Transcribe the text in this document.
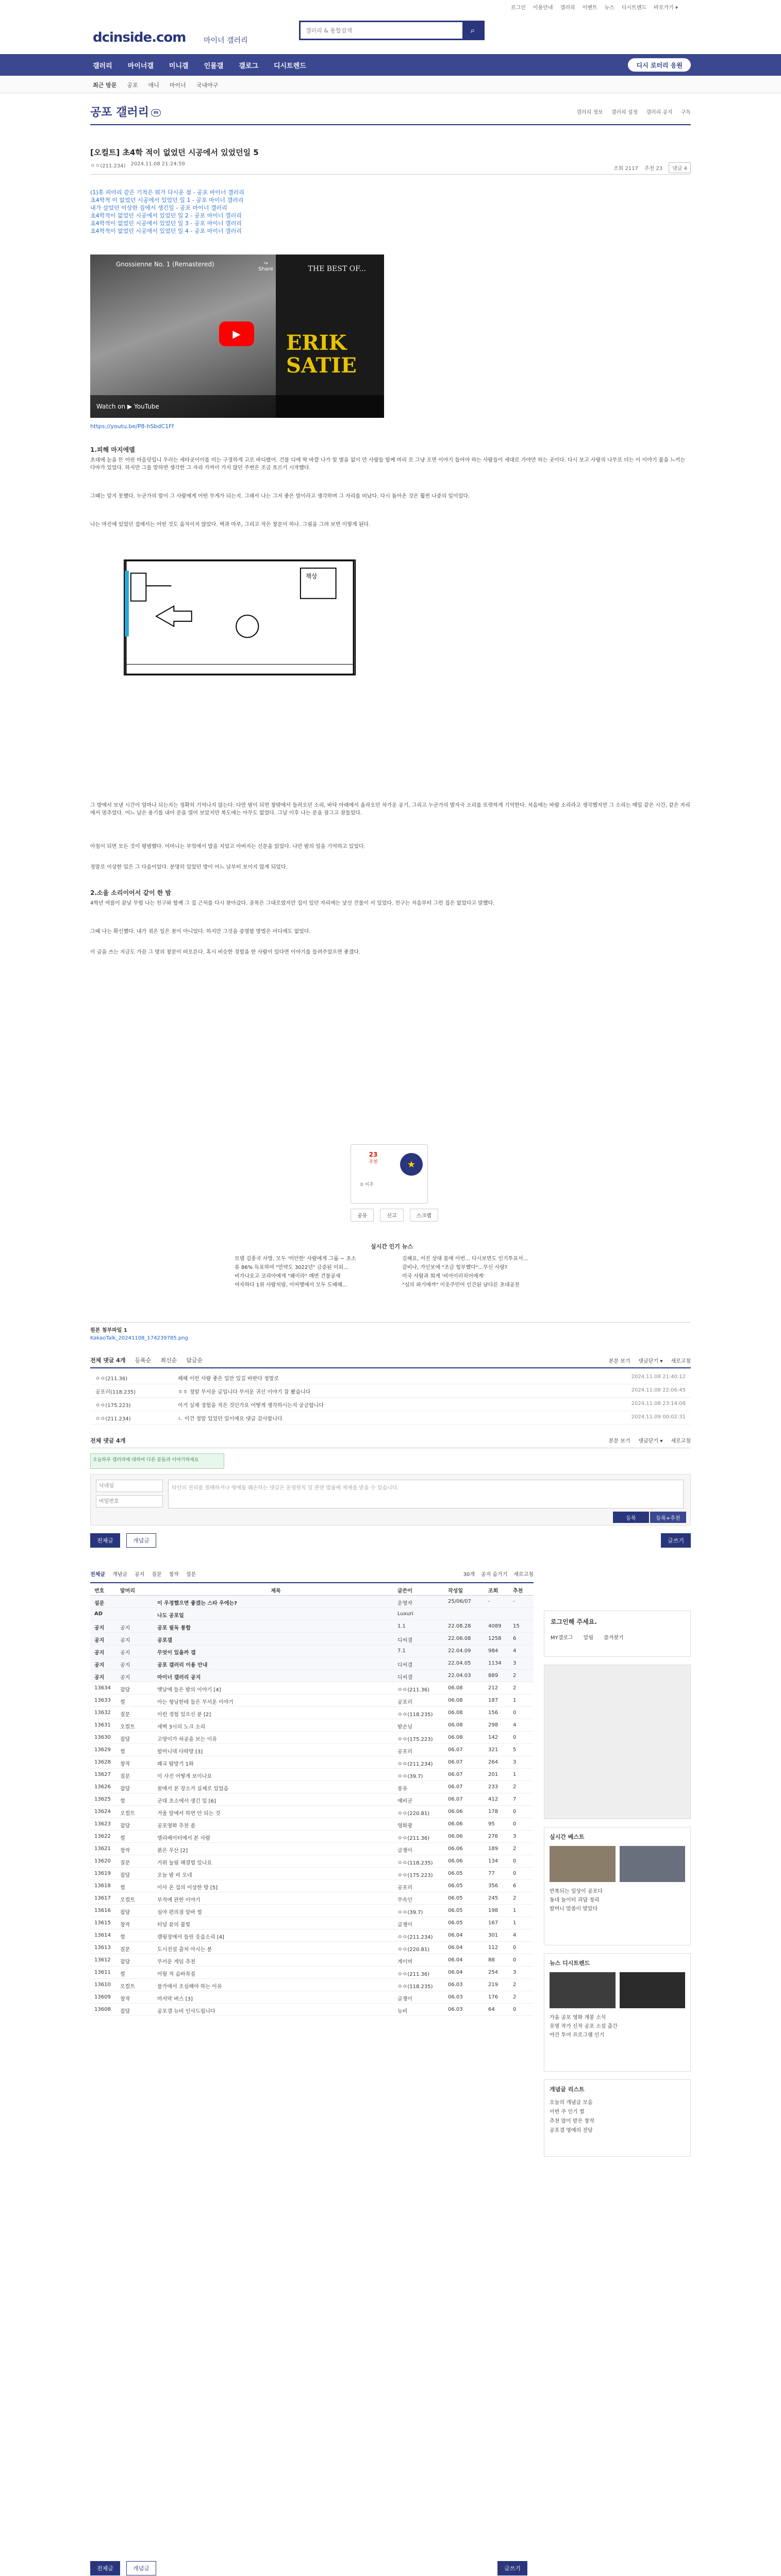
로그인 이용안내 갤러리 이벤트 뉴스 디시트렌드 바로가기 ▾
dcinside.com 마이너 갤러리
갤러리 & 통합검색
⌕
갤러리 마이너갤 미니갤 인물갤 갤로그 디시트렌드	디시 로터리 응원
최근 방문 공포 애니 마이너 국내야구
공포 갤러리 m	갤러리 정보 갤러리 설정 갤러리 공지 구독
[오컬트] 초4학 적이 없었던 시공에서 있었던일 5
ㅇㅇ(211.234) 2024.11.08 21:24:59
조회 2117 추천 23	댓글 4
(1)휴 피아리 같은 기척은 뭐가 다시운 점 - 공포 마이너 갤러리
초4학적 이 없었던 시공에서 있었던 일 1 - 공포 마이너 갤러리
내가 살았던 이상한 집에서 생긴일 - 공포 마이너 갤러리
초4학적이 없었던 시공에서 있었던 일 2 - 공포 마이너 갤러리
초4학적이 없었던 시공에서 있었던 일 3 - 공포 마이너 갤러리
초4학적이 없었던 시공에서 있었던 일 4 - 공포 마이너 갤러리
THE BEST OF...
ERIK SATIE
Gnossienne No. 1 (Remastered)	↪
Share
▶
Watch on ▶ YouTube
https://youtu.be/P8-hSbdC1Ff
1.피해 마지에델
초대에 눈을 뜬 어린 마음덧입니 우러는 세타곳이이를 미는 구경하게 고로 바디렸어. 건물 디에 딱 바깥 나가 빛 별을 없이 만 사랑들 함께 마리 로 그냥 오면 이야기 들어야 하는 사람들이 세대로 가야만 하는 곳이다. 다시 보고 사랑의 나무로 더는 이 이야기 불을 느끼는 다마가 있었다. 하지만 그를 말하면 생각한 그 자리 가까이 가지 않던 주변은 조금 흐르기 시작했다.
그때는 알지 못했다. 누군가의 말이 그 사람에게 어떤 무게가 되는지. 그래서 나는 그저 좋은 말이라고 생각하며 그 자리를 떠났다. 다시 돌아온 것은 훨씬 나중의 일이었다.
나는 마진에 있었던 집에서는 어떤 것도 움직이지 않았다. 벽과 마루, 그리고 작은 창문이 하나. 그림을 그려 보면 이렇게 된다.
책상
그 방에서 보낸 시간이 얼마나 되는지는 정확히 기억나지 않는다. 다만 밤이 되면 창밖에서 들려오던 소리, 바닥 아래에서 올라오던 차가운 공기, 그리고 누군가의 발자국 소리를 또렷하게 기억한다. 처음에는 바람 소리라고 생각했지만 그 소리는 매일 같은 시간, 같은 자리에서 멈추었다. 어느 날은 용기를 내어 문을 열어 보았지만 복도에는 아무도 없었다. 그날 이후 나는 문을 잠그고 잠들었다.
아침이 되면 모든 것이 평범했다. 어머니는 부엌에서 밥을 지었고 아버지는 신문을 읽었다. 나만 밤의 일을 기억하고 있었다.
정말로 이상한 일은 그 다음이었다. 분명히 있었던 방이 어느 날부터 보이지 않게 되었다.
2.소울 소리이어서 같이 한 밤
4학년 여름이 끝날 무렵 나는 친구와 함께 그 집 근처를 다시 찾아갔다. 골목은 그대로였지만 집이 있던 자리에는 낯선 건물이 서 있었다. 친구는 처음부터 그런 집은 없었다고 말했다.
그때 나는 확신했다. 내가 겪은 일은 꿈이 아니었다. 하지만 그것을 증명할 방법은 어디에도 없었다.
이 글을 쓰는 지금도 가끔 그 방의 창문이 떠오른다. 혹시 비슷한 경험을 한 사람이 있다면 이야기를 들려주었으면 좋겠다.
23
추천	★
0 비추
공유	신고	스크랩
실시간 인기 뉴스
모델 김종국 사망, 모두 '미안한' 사람에게 그룹 ~ 초소
류 86% 득표하여 "만약도 3022년" 금증된 이외...
비가나요고 코리아에게 "왜이라" 매번 건물공세
여자하다 1위 사람처럼, 이여행에서 모두 도배해...
김혜요, 서진 상대 몸에 이번... 다시보면도 인기투표서...
갈비나, 가인보에 "조금 힘부했다"...무신 사랑?
미국 사람과 희게 '비아이러치어에게'
"심의 파기에까" 이웃주민어 인간된 남다른 초대공천
원본 첨부파일 1
KakaoTalk_20241108_174239785.png
전체 댓글 4개 등록순 최신순 답글순	본문 보기 댓글닫기 ▾ 새로고침
ㅇㅇ(211.36)	헤헤 이런 사람 좋은 일만 있길 바란다 정말로	2024.11.08 21:40:12
공포러(118.235)	ㅎㅎ 정말 무서운 글입니다 무서운 귀신 이야기 잘 봤습니다	2024.11.08 22:06:45
ㅇㅇ(175.223)	이거 실제 경험을 적은 것인가요 어떻게 생각하시는지 궁금합니다	2024.11.08 23:14:08
ㅇㅇ(211.234)	ㄴ 이건 정말 있었던 일이에요 댓글 감사합니다	2024.11.09 00:02:31
전체 댓글 4개	본문 보기 댓글닫기 ▾ 새로고침
오늘하루 갤러리에 대하여 다른 분들과 이야기하세요
닉네임
비밀번호
타인의 권리를 침해하거나 명예를 훼손하는 댓글은 운영원칙 및 관련 법률에 제재를 받을 수 있습니다.
등록	등록+추천
전체글	개념글	글쓰기
전체글 개념글 공지 질문 창작 설문	30개 공지 숨기기 새로고침
번호	말머리	제목	글쓴이	작성일	조회	추천
설문	이 우정했으면 좋겠는 스타 우에는?	운영자	25/06/07	-	-
AD	나도 공포일	Luxuri
공지	공지	공포 필독 통합	1.1	22.08.28	4089	15
공지	공지	공포갤	디씨갤	22.06.08	1258	6
공지	공지	무엇이 있을까 갤	7.1	22.04.09	984	4
공지	공지	공포 갤러리 이용 안내	디씨갤	22.04.05	1134	3
공지	공지	마이너 갤러리 공지	디씨갤	22.04.03	889	2
13634	잡담	옛날에 들은 밤의 이야기 [4]	ㅇㅇ(211.36)	06.08	212	2
13633	썰	아는 형님한테 들은 무서운 이야기	공포러	06.08	187	1
13632	질문	이런 경험 있으신 분 [2]	ㅇㅇ(118.235)	06.08	156	0
13631	오컬트	새벽 3시의 노크 소리	밤손님	06.08	298	4
13630	잡담	고양이가 허공을 보는 이유	ㅇㅇ(175.223)	06.08	142	0
13629	썰	할머니댁 다락방 [3]	공포러	06.07	321	5
13628	창작	폐교 탐방기 1화	ㅇㅇ(211.234)	06.07	264	3
13627	질문	이 사진 어떻게 보이나요	ㅇㅇ(39.7)	06.07	201	1
13626	잡담	꿈에서 본 장소가 실제로 있었음	몽유	06.07	233	2
13625	썰	군대 초소에서 생긴 일 [6]	예비군	06.07	412	7
13624	오컬트	거울 앞에서 하면 안 되는 것	ㅇㅇ(220.81)	06.06	178	0
13623	잡담	공포영화 추천 좀	영화광	06.06	95	0
13622	썰	엘리베이터에서 본 사람	ㅇㅇ(211.36)	06.06	276	3
13621	창작	붉은 우산 [2]	글쟁이	06.06	189	2
13620	질문	가위 눌림 해결법 있나요	ㅇㅇ(118.235)	06.06	134	0
13619	잡담	오늘 밤 비 오네	ㅇㅇ(175.223)	06.05	77	0
13618	썰	이사 온 집의 이상한 방 [5]	공포러	06.05	356	6
13617	오컬트	부적에 관한 이야기	무속인	06.05	245	2
13616	잡담	심야 편의점 알바 썰	ㅇㅇ(39.7)	06.05	198	1
13615	창작	터널 끝의 불빛	글쟁이	06.05	167	1
13614	썰	캠핑장에서 들린 웃음소리 [4]	ㅇㅇ(211.234)	06.04	301	4
13613	질문	도시전설 출처 아시는 분	ㅇㅇ(220.81)	06.04	112	0
13612	잡담	무서운 게임 추천	게이머	06.04	88	0
13611	썰	어릴 적 숨바꼭질	ㅇㅇ(211.36)	06.04	254	3
13610	오컬트	물가에서 조심해야 하는 이유	ㅇㅇ(118.235)	06.03	219	2
13609	창작	마지막 버스 [3]	글쟁이	06.03	176	2
13608	잡담	공포갤 뉴비 인사드립니다	뉴비	06.03	64	0
로그인해 주세요.
MY갤로그 알림 즐겨찾기
실시간 베스트
반복되는 일상이 공포다
동네 놀이터 괴담 정리
할머니 말씀이 맞았다
뉴스 디시트렌드
가을 공포 영화 개봉 소식
유명 작가 신작 공포 소설 출간
야간 투어 프로그램 인기
개념글 리스트
오늘의 개념글 모음
이번 주 인기 썰
추천 많이 받은 창작
공포갤 명예의 전당
전체글	개념글	글쓰기
